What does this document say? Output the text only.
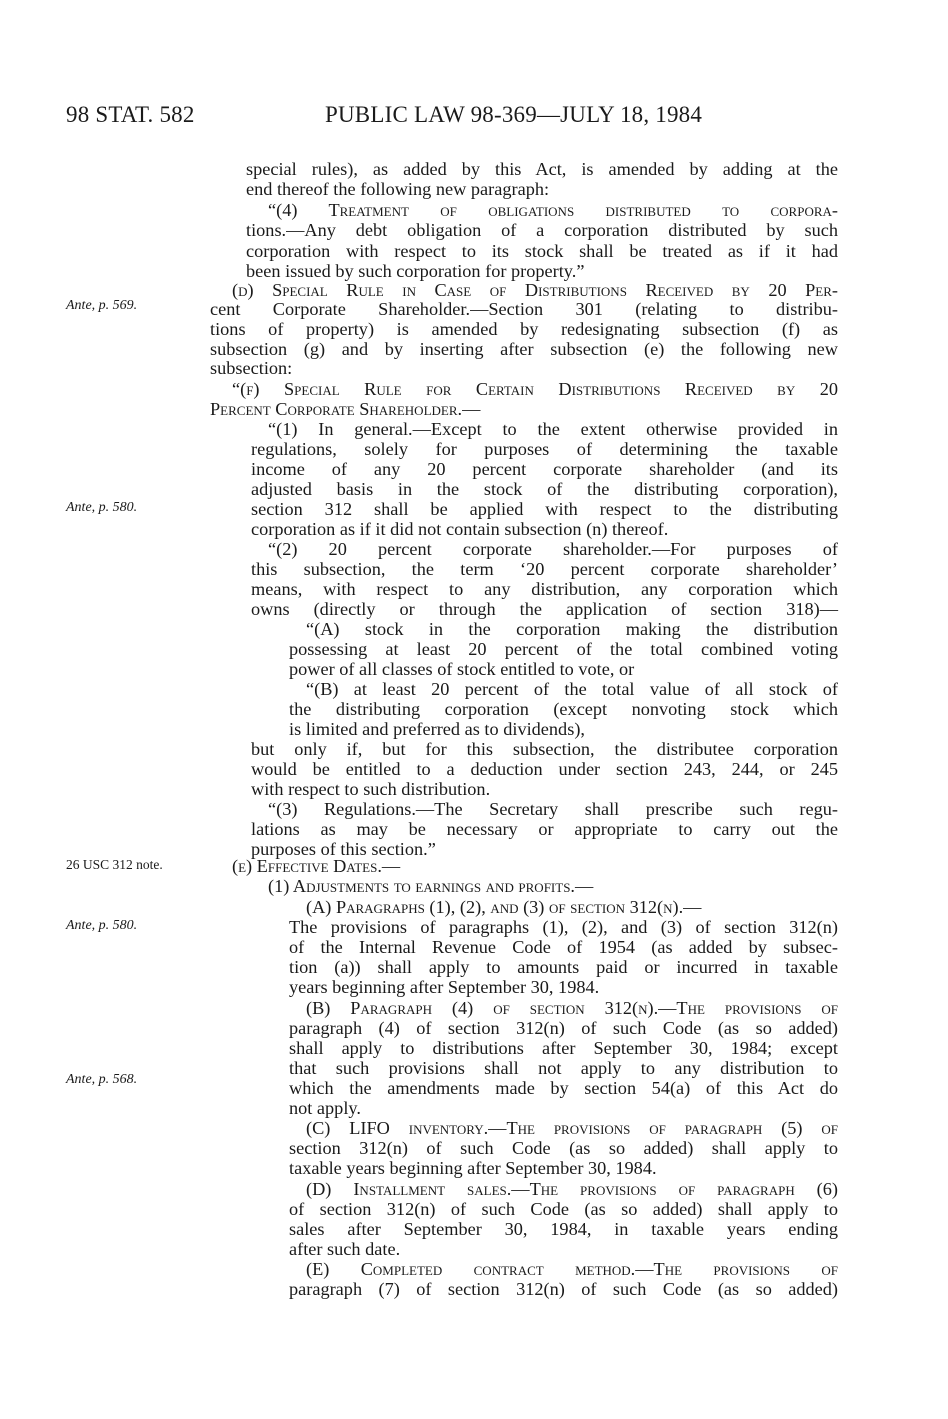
98 STAT. 582	PUBLIC LAW 98-369—JULY 18, 1984
Ante, p. 569.
Ante, p. 580.
26 USC 312 note.
Ante, p. 580.
Ante, p. 568.
special rules), as added by this Act, is amended by adding at the
end thereof the following new paragraph:
“(4) Treatment of obligations distributed to corpora-
tions.—Any debt obligation of a corporation distributed by such
corporation with respect to its stock shall be treated as if it had
been issued by such corporation for property.”
(d) Special Rule in Case of Distributions Received by 20 Per-
cent Corporate Shareholder.—Section 301 (relating to distribu-
tions of property) is amended by redesignating subsection (f) as
subsection (g) and by inserting after subsection (e) the following new
subsection:
“(f) Special Rule for Certain Distributions Received by 20
Percent Corporate Shareholder.—
“(1) In general.—Except to the extent otherwise provided in
regulations, solely for purposes of determining the taxable
income of any 20 percent corporate shareholder (and its
adjusted basis in the stock of the distributing corporation),
section 312 shall be applied with respect to the distributing
corporation as if it did not contain subsection (n) thereof.
“(2) 20 percent corporate shareholder.—For purposes of
this subsection, the term ‘20 percent corporate shareholder’
means, with respect to any distribution, any corporation which
owns (directly or through the application of section 318)—
“(A) stock in the corporation making the distribution
possessing at least 20 percent of the total combined voting
power of all classes of stock entitled to vote, or
“(B) at least 20 percent of the total value of all stock of
the distributing corporation (except nonvoting stock which
is limited and preferred as to dividends),
but only if, but for this subsection, the distributee corporation
would be entitled to a deduction under section 243, 244, or 245
with respect to such distribution.
“(3) Regulations.—The Secretary shall prescribe such regu-
lations as may be necessary or appropriate to carry out the
purposes of this section.”
(e) Effective Dates.—
(1) Adjustments to earnings and profits.—
(A) Paragraphs (1), (2), and (3) of section 312(n).—
The provisions of paragraphs (1), (2), and (3) of section 312(n)
of the Internal Revenue Code of 1954 (as added by subsec-
tion (a)) shall apply to amounts paid or incurred in taxable
years beginning after September 30, 1984.
(B) Paragraph (4) of section 312(n).—The provisions of
paragraph (4) of section 312(n) of such Code (as so added)
shall apply to distributions after September 30, 1984; except
that such provisions shall not apply to any distribution to
which the amendments made by section 54(a) of this Act do
not apply.
(C) LIFO inventory.—The provisions of paragraph (5) of
section 312(n) of such Code (as so added) shall apply to
taxable years beginning after September 30, 1984.
(D) Installment sales.—The provisions of paragraph (6)
of section 312(n) of such Code (as so added) shall apply to
sales after September 30, 1984, in taxable years ending
after such date.
(E) Completed contract method.—The provisions of
paragraph (7) of section 312(n) of such Code (as so added)
